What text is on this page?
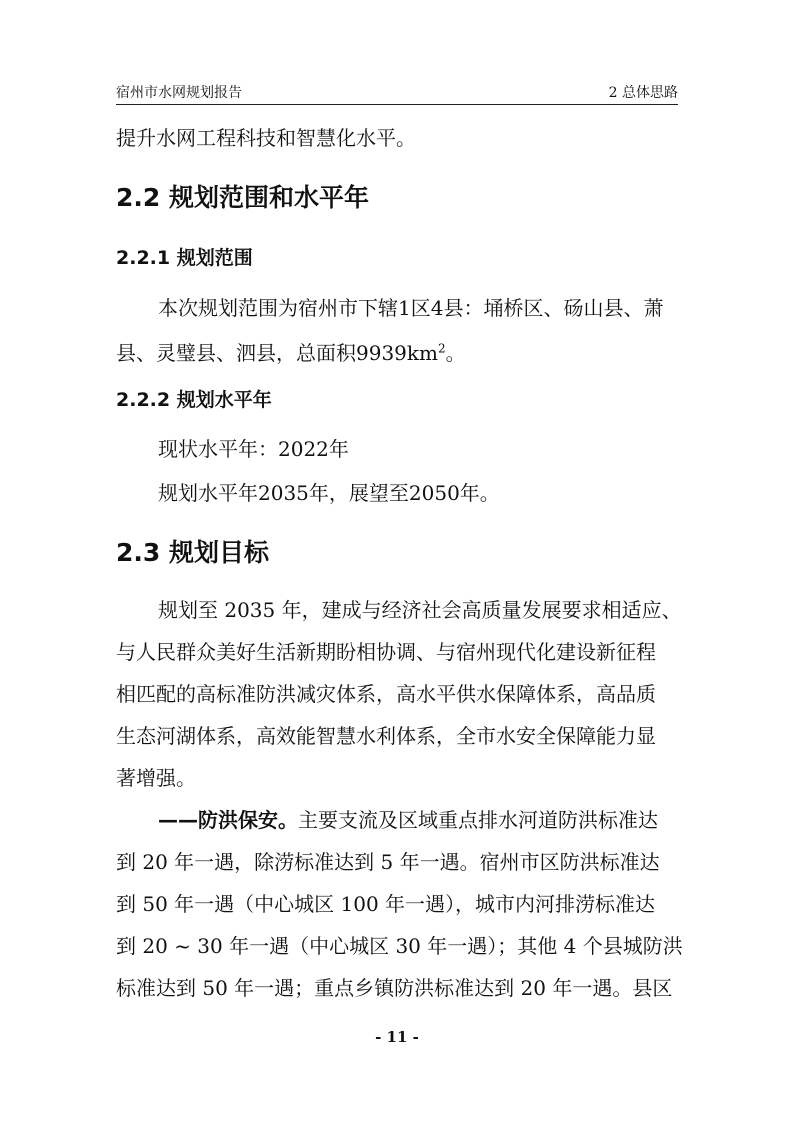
宿州市水网规划报告	2 总体思路
提升水网工程科技和智慧化水平。
2.2 规划范围和水平年
2.2.1 规划范围
本次规划范围为宿州市下辖1区4县：埇桥区、砀山县、萧
县、灵璧县、泗县，总面积$9939km^2$。
2.2.2 规划水平年
现状水平年：2022年
规划水平年2035年，展望至2050年。
2.3 规划目标
规划至 2035 年，建成与经济社会高质量发展要求相适应、
与人民群众美好生活新期盼相协调、与宿州现代化建设新征程
相匹配的高标准防洪减灾体系，高水平供水保障体系，高品质
生态河湖体系，高效能智慧水利体系，全市水安全保障能力显
著增强。
——防洪保安。主要支流及区域重点排水河道防洪标准达
到 20 年一遇，除涝标准达到 5 年一遇。宿州市区防洪标准达
到 50 年一遇（中心城区 100 年一遇），城市内河排涝标准达
到 20 ~ 30 年一遇（中心城区 30 年一遇）；其他 4 个县城防洪
标准达到 50 年一遇；重点乡镇防洪标准达到 20 年一遇。县区
- 11 -
